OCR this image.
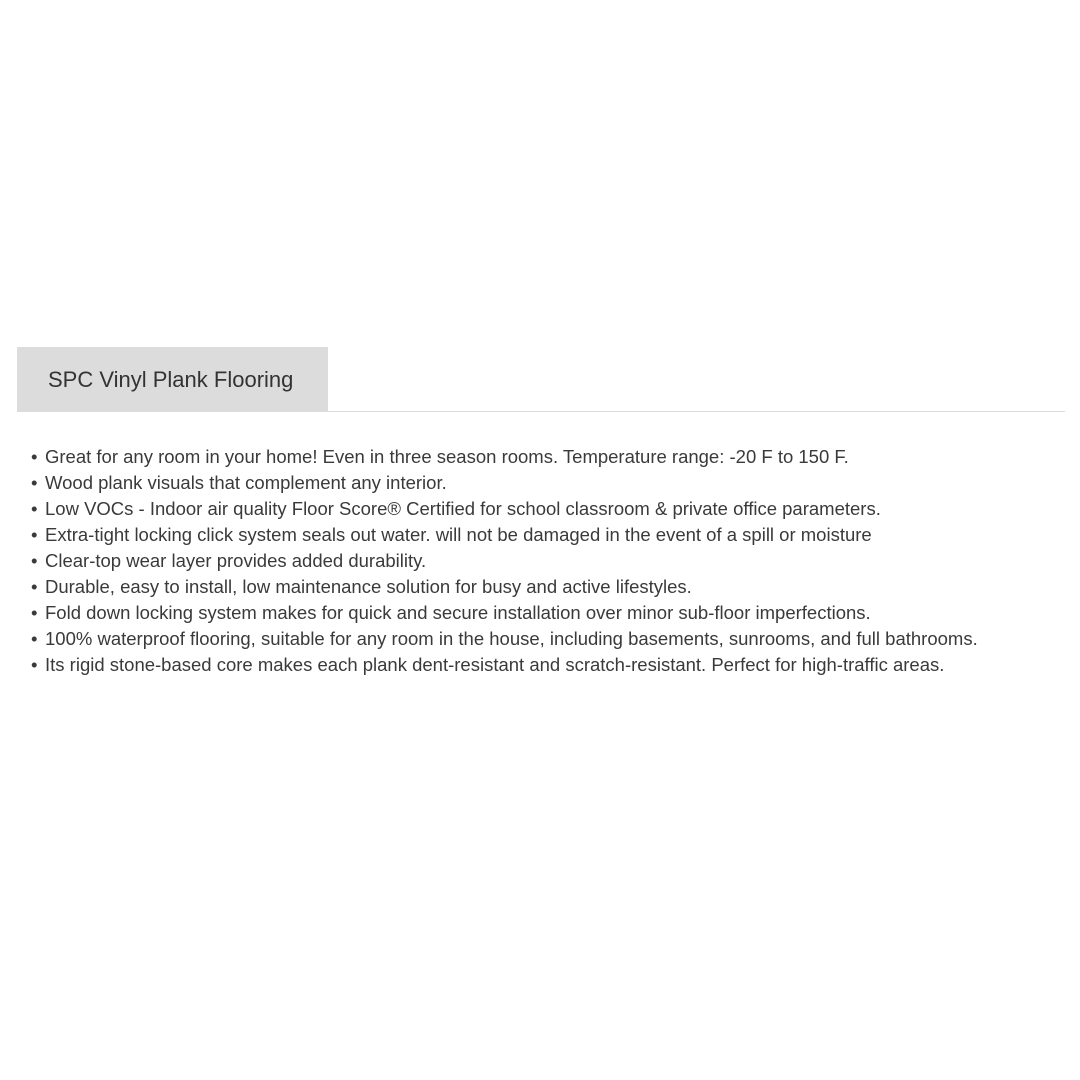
SPC Vinyl Plank Flooring
• Great for any room in your home! Even in three season rooms. Temperature range: -20 F to 150 F.
• Wood plank visuals that complement any interior.
• Low VOCs - Indoor air quality Floor Score® Certified for school classroom & private office parameters.
• Extra-tight locking click system seals out water. will not be damaged in the event of a spill or moisture
• Clear-top wear layer provides added durability.
• Durable, easy to install, low maintenance solution for busy and active lifestyles.
• Fold down locking system makes for quick and secure installation over minor sub-floor imperfections.
• 100% waterproof flooring, suitable for any room in the house, including basements, sunrooms, and full bathrooms.
• Its rigid stone-based core makes each plank dent-resistant and scratch-resistant. Perfect for high-traffic areas.
